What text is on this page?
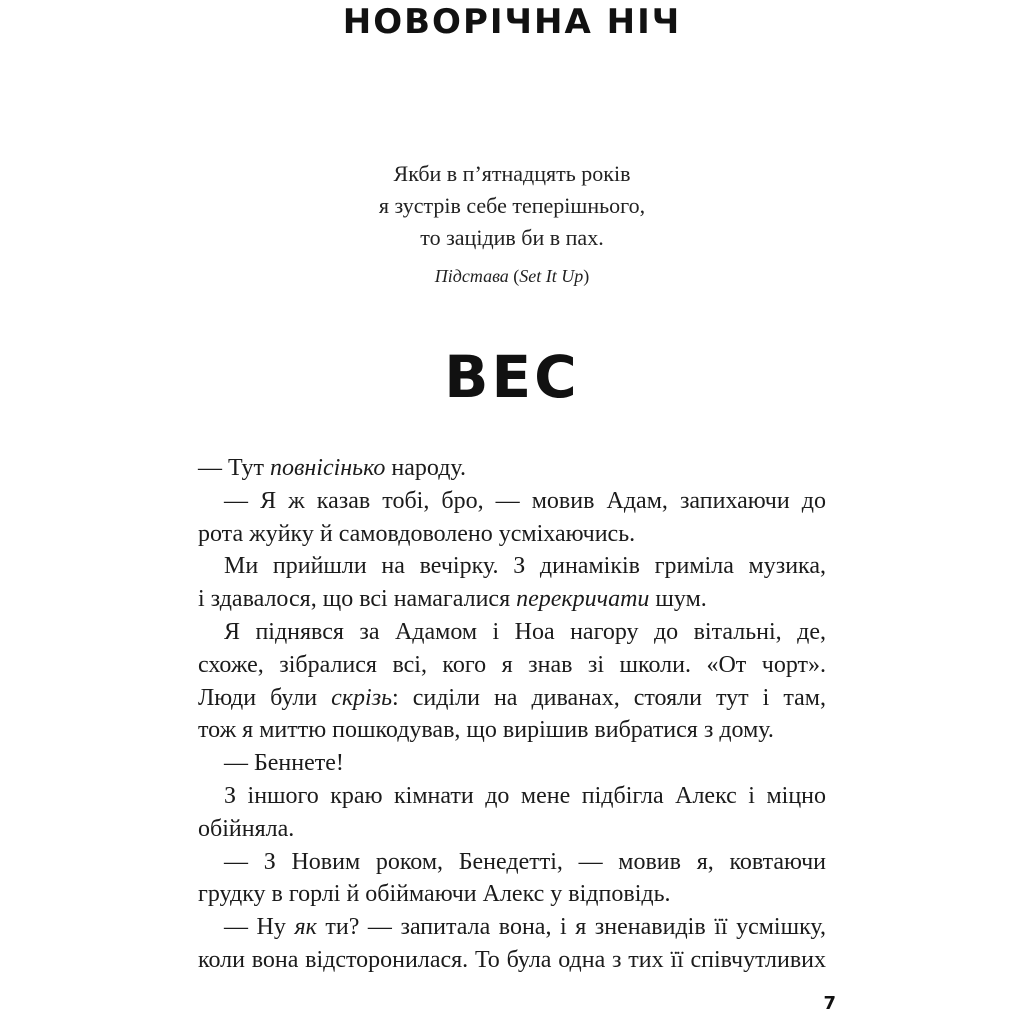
НОВОРІЧНА НІЧ
Якби в п’ятнадцять років
я зустрів себе теперішнього,
то зацідив би в пах.
Підстава (Set It Up)
ВЕС
— Тут повнісінько народу.
— Я ж казав тобі, бро, — мовив Адам, запихаючи до
рота жуйку й самовдоволено усміхаючись.
Ми прийшли на вечірку. З динаміків гриміла музика,
і здавалося, що всі намагалися перекричати шум.
Я піднявся за Адамом і Ноа нагору до вітальні, де,
схоже, зібралися всі, кого я знав зі школи. «От чорт».
Люди були скрізь: сиділи на диванах, стояли тут і там,
тож я миттю пошкодував, що вирішив вибратися з дому.
— Беннете!
З іншого краю кімнати до мене підбігла Алекс і міцно
обійняла.
— З Новим роком, Бенедетті, — мовив я, ковтаючи
грудку в горлі й обіймаючи Алекс у відповідь.
— Ну як ти? — запитала вона, і я зненавидів її усмішку,
коли вона відсторонилася. То була одна з тих її співчутливих
7
